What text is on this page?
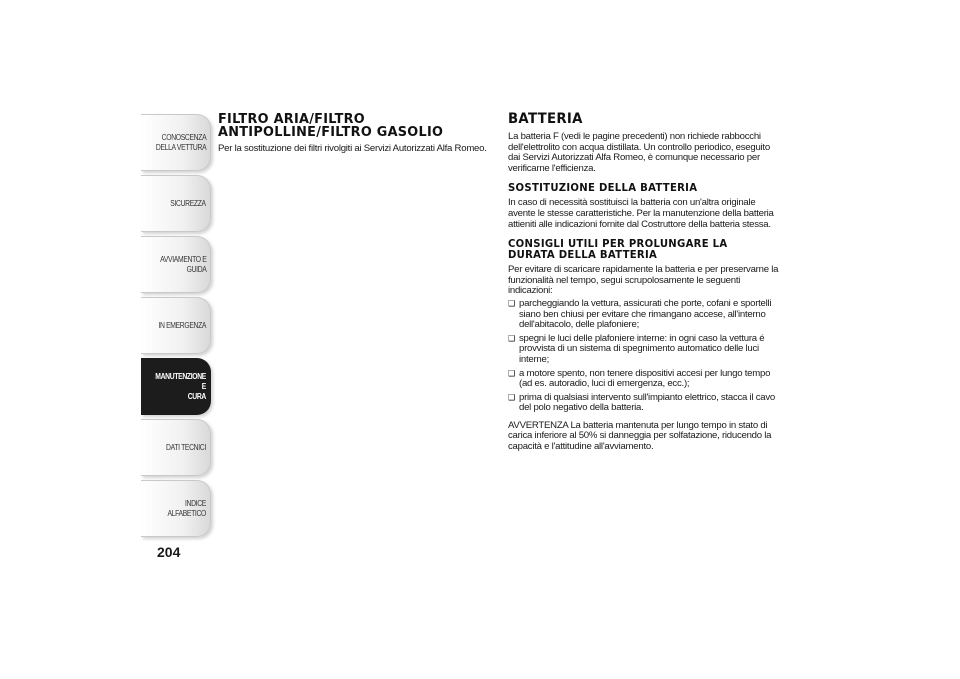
CONOSCENZA
DELLA VETTURA
SICUREZZA
AVVIAMENTO E
GUIDA
IN EMERGENZA
MANUTENZIONE E
CURA
DATI TECNICI
INDICE ALFABETICO
204
FILTRO ARIA/FILTRO ANTIPOLLINE/FILTRO GASOLIO

Per la sostituzione dei filtri rivolgiti ai Servizi Autorizzati Alfa Romeo.

BATTERIA

La batteria F (vedi le pagine precedenti) non richiede rabbocchi dell'elettrolito con acqua distillata. Un controllo periodico, eseguito dai Servizi Autorizzati Alfa Romeo, è comunque necessario per verificarne l'efficienza.

SOSTITUZIONE DELLA BATTERIA

In caso di necessità sostituisci la batteria con un'altra originale avente le stesse caratteristiche. Per la manutenzione della batteria attieniti alle indicazioni fornite dal Costruttore della batteria stessa.

CONSIGLI UTILI PER PROLUNGARE LA DURATA DELLA BATTERIA

Per evitare di scaricare rapidamente la batteria e per preservarne la funzionalità nel tempo, segui scrupolosamente le seguenti indicazioni:

❑ parcheggiando la vettura, assicurati che porte, cofani e sportelli siano ben chiusi per evitare che rimangano accese, all'interno dell'abitacolo, delle plafoniere;
❑ spegni le luci delle plafoniere interne: in ogni caso la vettura é provvista di un sistema di spegnimento automatico delle luci interne;
❑ a motore spento, non tenere dispositivi accesi per lungo tempo (ad es. autoradio, luci di emergenza, ecc.);
❑ prima di qualsiasi intervento sull'impianto elettrico, stacca il cavo del polo negativo della batteria.

AVVERTENZA La batteria mantenuta per lungo tempo in stato di carica inferiore al 50% si danneggia per solfatazione, riducendo la capacità e l'attitudine all'avviamento.
